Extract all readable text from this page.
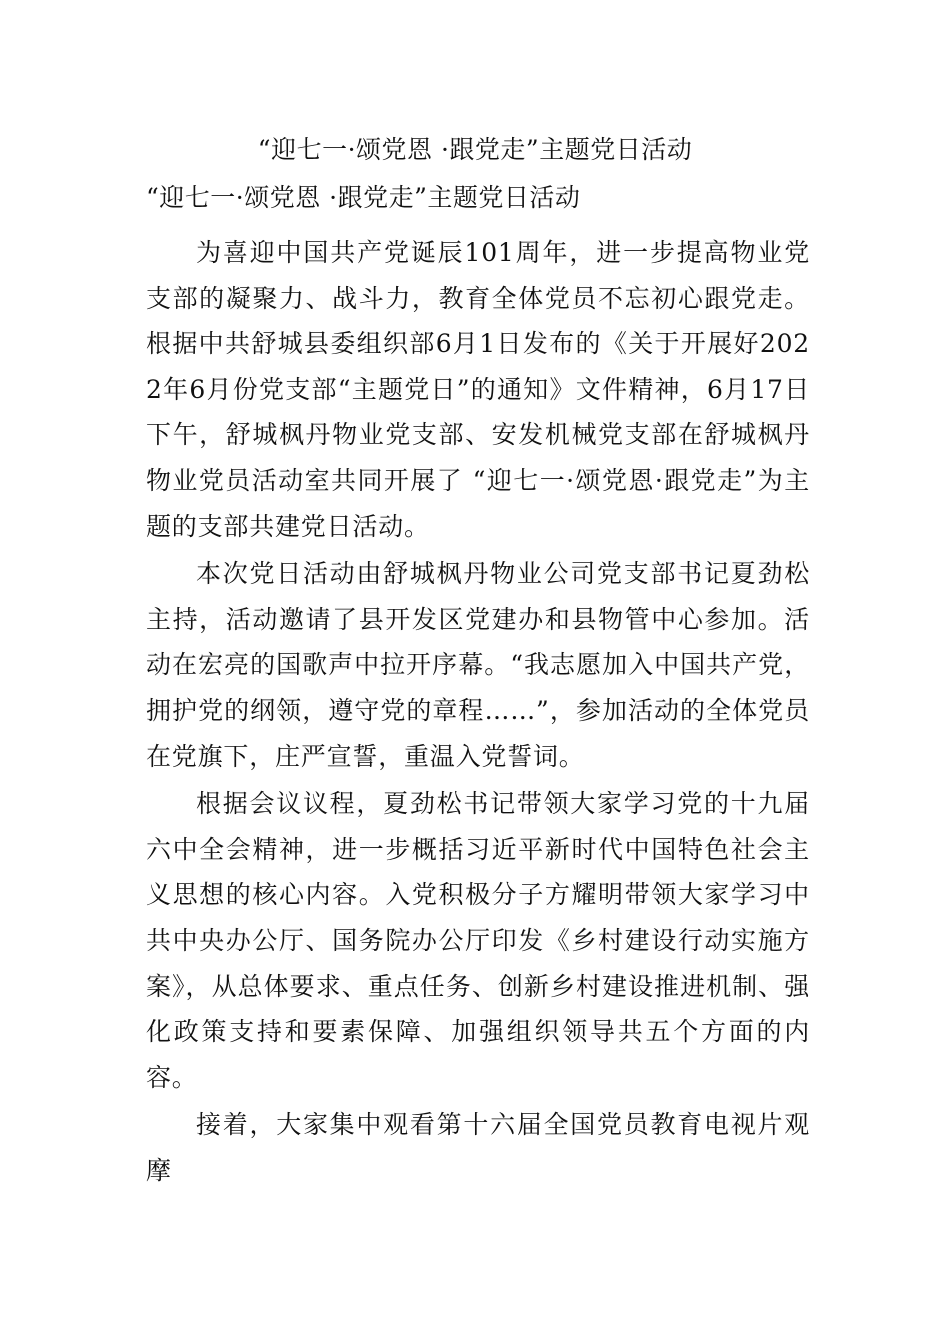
“迎七一·颂党恩 ·跟党走”主题党日活动
“迎七一·颂党恩 ·跟党走”主题党日活动

为喜迎中国共产党诞辰101周年，进一步提高物业党支部的凝聚力、战斗力，教育全体党员不忘初心跟党走。根据中共舒城县委组织部6月1日发布的《关于开展好2022年6月份党支部“主题党日”的通知》文件精神，6月17日下午，舒城枫丹物业党支部、安发机械党支部在舒城枫丹物业党员活动室共同开展了 “迎七一·颂党恩·跟党走”为主题的支部共建党日活动。

本次党日活动由舒城枫丹物业公司党支部书记夏劲松主持，活动邀请了县开发区党建办和县物管中心参加。活动在宏亮的国歌声中拉开序幕。“我志愿加入中国共产党，拥护党的纲领，遵守党的章程……”，参加活动的全体党员在党旗下，庄严宣誓，重温入党誓词。

根据会议议程，夏劲松书记带领大家学习党的十九届六中全会精神，进一步概括习近平新时代中国特色社会主义思想的核心内容。入党积极分子方耀明带领大家学习中共中央办公厅、国务院办公厅印发《乡村建设行动实施方案》，从总体要求、重点任务、创新乡村建设推进机制、强化政策支持和要素保障、加强组织领导共五个方面的内容。

接着，大家集中观看第十六届全国党员教育电视片观摩
